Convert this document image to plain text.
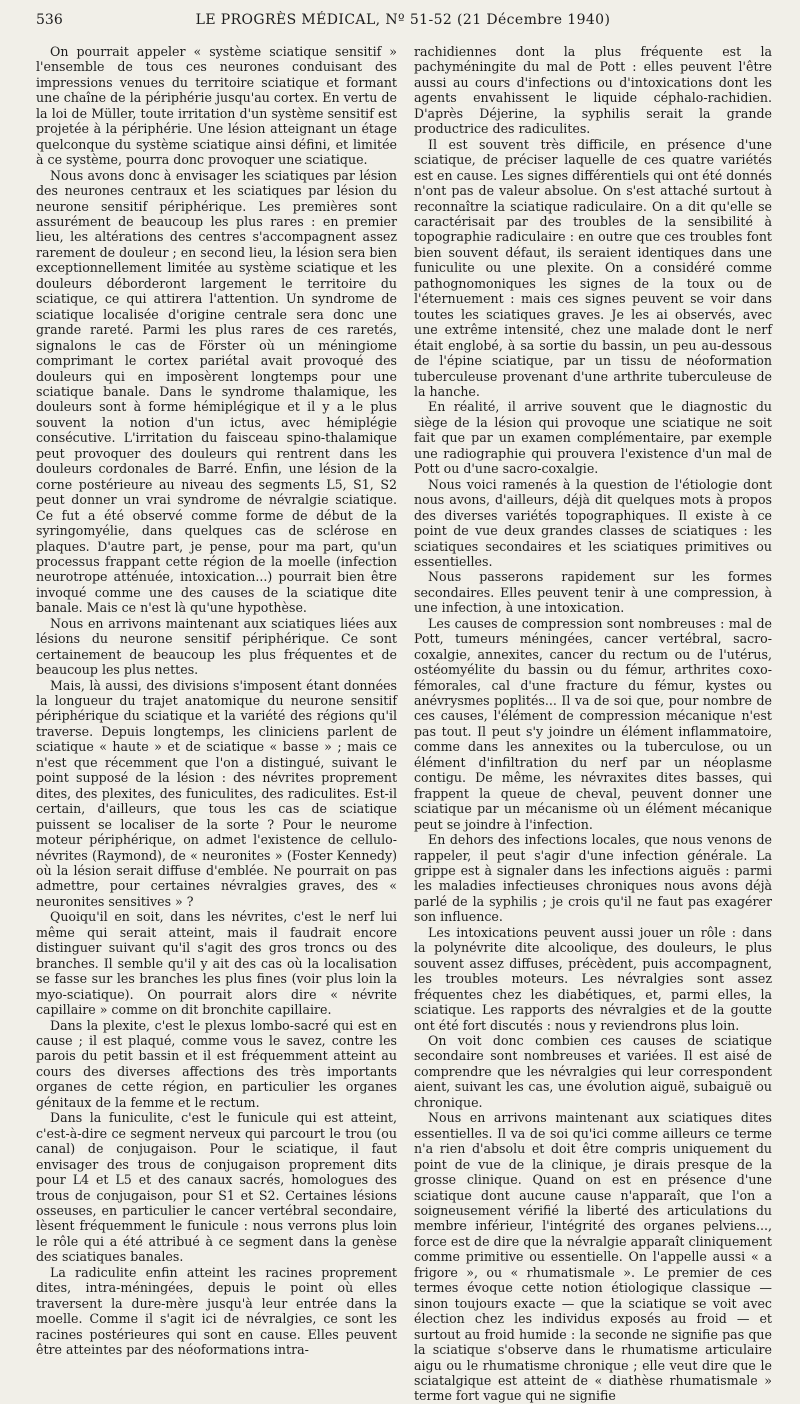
536	LE PROGRÈS MÉDICAL, Nº 51-52 (21 Décembre 1940)

On pourrait appeler « système sciatique sensitif » l'ensemble de tous ces neurones conduisant des impressions venues du territoire sciatique et formant une chaîne de la périphérie jusqu'au cortex. En vertu de la loi de Müller, toute irritation d'un système sensitif est projetée à la périphérie. Une lésion atteignant un étage quelconque du système sciatique ainsi défini, et limitée à ce système, pourra donc provoquer une sciatique.

Nous avons donc à envisager les sciatiques par lésion des neurones centraux et les sciatiques par lésion du neurone sensitif périphérique. Les premières sont assurément de beaucoup les plus rares : en premier lieu, les altérations des centres s'accompagnent assez rarement de douleur ; en second lieu, la lésion sera bien exceptionnellement limitée au système sciatique et les douleurs déborderont largement le territoire du sciatique, ce qui attirera l'attention. Un syndrome de sciatique localisée d'origine centrale sera donc une grande rareté. Parmi les plus rares de ces raretés, signalons le cas de Förster où un méningiome comprimant le cortex pariétal avait provoqué des douleurs qui en imposèrent longtemps pour une sciatique banale. Dans le syndrome thalamique, les douleurs sont à forme hémiplégique et il y a le plus souvent la notion d'un ictus, avec hémiplégie consécutive. L'irritation du faisceau spino-thalamique peut provoquer des douleurs qui rentrent dans les douleurs cordonales de Barré. Enfin, une lésion de la corne postérieure au niveau des segments L5, S1, S2 peut donner un vrai syndrome de névralgie sciatique. Ce fut a été observé comme forme de début de la syringomyélie, dans quelques cas de sclérose en plaques. D'autre part, je pense, pour ma part, qu'un processus frappant cette région de la moelle (infection neurotrope atténuée, intoxication...) pourrait bien être invoqué comme une des causes de la sciatique dite banale. Mais ce n'est là qu'une hypothèse.

Nous en arrivons maintenant aux sciatiques liées aux lésions du neurone sensitif périphérique. Ce sont certainement de beaucoup les plus fréquentes et de beaucoup les plus nettes.

Mais, là aussi, des divisions s'imposent étant données la longueur du trajet anatomique du neurone sensitif périphérique du sciatique et la variété des régions qu'il traverse. Depuis longtemps, les cliniciens parlent de sciatique « haute » et de sciatique « basse » ; mais ce n'est que récemment que l'on a distingué, suivant le point supposé de la lésion : des névrites proprement dites, des plexites, des funiculites, des radiculites. Est-il certain, d'ailleurs, que tous les cas de sciatique puissent se localiser de la sorte ? Pour le neurome moteur périphérique, on admet l'existence de cellulo-névrites (Raymond), de « neuronites » (Foster Kennedy) où la lésion serait diffuse d'emblée. Ne pourrait on pas admettre, pour certaines névralgies graves, des « neuronites sensitives » ?

Quoiqu'il en soit, dans les névrites, c'est le nerf lui même qui serait atteint, mais il faudrait encore distinguer suivant qu'il s'agit des gros troncs ou des branches. Il semble qu'il y ait des cas où la localisation se fasse sur les branches les plus fines (voir plus loin la myo-sciatique). On pourrait alors dire « névrite capillaire » comme on dit bronchite capillaire.

Dans la plexite, c'est le plexus lombo-sacré qui est en cause ; il est plaqué, comme vous le savez, contre les parois du petit bassin et il est fréquemment atteint au cours des diverses affections des très importants organes de cette région, en particulier les organes génitaux de la femme et le rectum.

Dans la funiculite, c'est le funicule qui est atteint, c'est-à-dire ce segment nerveux qui parcourt le trou (ou canal) de conjugaison. Pour le sciatique, il faut envisager des trous de conjugaison proprement dits pour L4 et L5 et des canaux sacrés, homologues des trous de conjugaison, pour S1 et S2. Certaines lésions osseuses, en particulier le cancer vertébral secondaire, lèsent fréquemment le funicule : nous verrons plus loin le rôle qui a été attribué à ce segment dans la genèse des sciatiques banales.

La radiculite enfin atteint les racines proprement dites, intra-méningées, depuis le point où elles traversent la dure-mère jusqu'à leur entrée dans la moelle. Comme il s'agit ici de névralgies, ce sont les racines postérieures qui sont en cause. Elles peuvent être atteintes par des néoformations intra-

rachidiennes dont la plus fréquente est la pachyméningite du mal de Pott : elles peuvent l'être aussi au cours d'infections ou d'intoxications dont les agents envahissent le liquide céphalo-rachidien. D'après Déjerine, la syphilis serait la grande productrice des radiculites.

Il est souvent très difficile, en présence d'une sciatique, de préciser laquelle de ces quatre variétés est en cause. Les signes différentiels qui ont été donnés n'ont pas de valeur absolue. On s'est attaché surtout à reconnaître la sciatique radiculaire. On a dit qu'elle se caractérisait par des troubles de la sensibilité à topographie radiculaire : en outre que ces troubles font bien souvent défaut, ils seraient identiques dans une funiculite ou une plexite. On a considéré comme pathognomoniques les signes de la toux ou de l'éternuement : mais ces signes peuvent se voir dans toutes les sciatiques graves. Je les ai observés, avec une extrême intensité, chez une malade dont le nerf était englobé, à sa sortie du bassin, un peu au-dessous de l'épine sciatique, par un tissu de néoformation tuberculeuse provenant d'une arthrite tuberculeuse de la hanche.

En réalité, il arrive souvent que le diagnostic du siège de la lésion qui provoque une sciatique ne soit fait que par un examen complémentaire, par exemple une radiographie qui prouvera l'existence d'un mal de Pott ou d'une sacro-coxalgie.

Nous voici ramenés à la question de l'étiologie dont nous avons, d'ailleurs, déjà dit quelques mots à propos des diverses variétés topographiques. Il existe à ce point de vue deux grandes classes de sciatiques : les sciatiques secondaires et les sciatiques primitives ou essentielles.

Nous passerons rapidement sur les formes secondaires. Elles peuvent tenir à une compression, à une infection, à une intoxication.

Les causes de compression sont nombreuses : mal de Pott, tumeurs méningées, cancer vertébral, sacro-coxalgie, annexites, cancer du rectum ou de l'utérus, ostéomyélite du bassin ou du fémur, arthrites coxo-fémorales, cal d'une fracture du fémur, kystes ou anévrysmes poplités... Il va de soi que, pour nombre de ces causes, l'élément de compression mécanique n'est pas tout. Il peut s'y joindre un élément inflammatoire, comme dans les annexites ou la tuberculose, ou un élément d'infiltration du nerf par un néoplasme contigu. De même, les névraxites dites basses, qui frappent la queue de cheval, peuvent donner une sciatique par un mécanisme où un élément mécanique peut se joindre à l'infection.

En dehors des infections locales, que nous venons de rappeler, il peut s'agir d'une infection générale. La grippe est à signaler dans les infections aiguës : parmi les maladies infectieuses chroniques nous avons déjà parlé de la syphilis ; je crois qu'il ne faut pas exagérer son influence.

Les intoxications peuvent aussi jouer un rôle : dans la polynévrite dite alcoolique, des douleurs, le plus souvent assez diffuses, précèdent, puis accompagnent, les troubles moteurs. Les névralgies sont assez fréquentes chez les diabétiques, et, parmi elles, la sciatique. Les rapports des névralgies et de la goutte ont été fort discutés : nous y reviendrons plus loin.

On voit donc combien ces causes de sciatique secondaire sont nombreuses et variées. Il est aisé de comprendre que les névralgies qui leur correspondent aient, suivant les cas, une évolution aiguë, subaiguë ou chronique.

Nous en arrivons maintenant aux sciatiques dites essentielles. Il va de soi qu'ici comme ailleurs ce terme n'a rien d'absolu et doit être compris uniquement du point de vue de la clinique, je dirais presque de la grosse clinique. Quand on est en présence d'une sciatique dont aucune cause n'apparaît, que l'on a soigneusement vérifié la liberté des articulations du membre inférieur, l'intégrité des organes pelviens..., force est de dire que la névralgie apparaît cliniquement comme primitive ou essentielle. On l'appelle aussi « a frigore », ou « rhumatismale ». Le premier de ces termes évoque cette notion étiologique classique — sinon toujours exacte — que la sciatique se voit avec élection chez les individus exposés au froid — et surtout au froid humide : la seconde ne signifie pas que la sciatique s'observe dans le rhumatisme articulaire aigu ou le rhumatisme chronique ; elle veut dire que le sciatalgique est atteint de « diathèse rhumatismale » terme fort vague qui ne signifie
